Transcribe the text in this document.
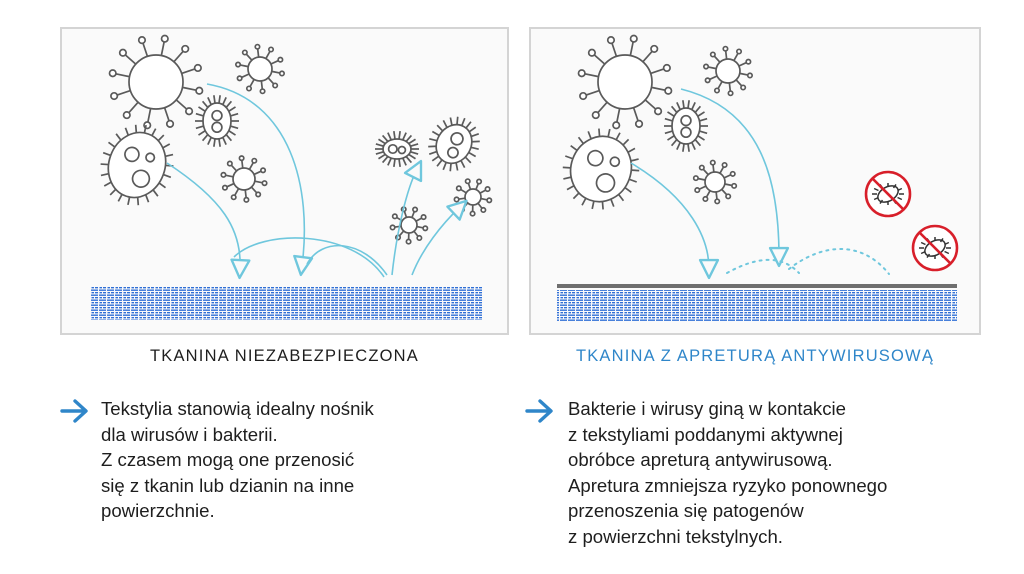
TKANINA NIEZABEZPIECZONA	TKANINA Z APRETURĄ ANTYWIRUSOWĄ
Tekstylia stanowią idealny nośnik
dla wirusów i bakterii.
Z czasem mogą one przenosić
się z tkanin lub dzianin na inne
powierzchnie.
Bakterie i wirusy giną w kontakcie
z tekstyliami poddanymi aktywnej
obróbce apreturą antywirusową.
Apretura zmniejsza ryzyko ponownego
przenoszenia się patogenów
z powierzchni tekstylnych.
